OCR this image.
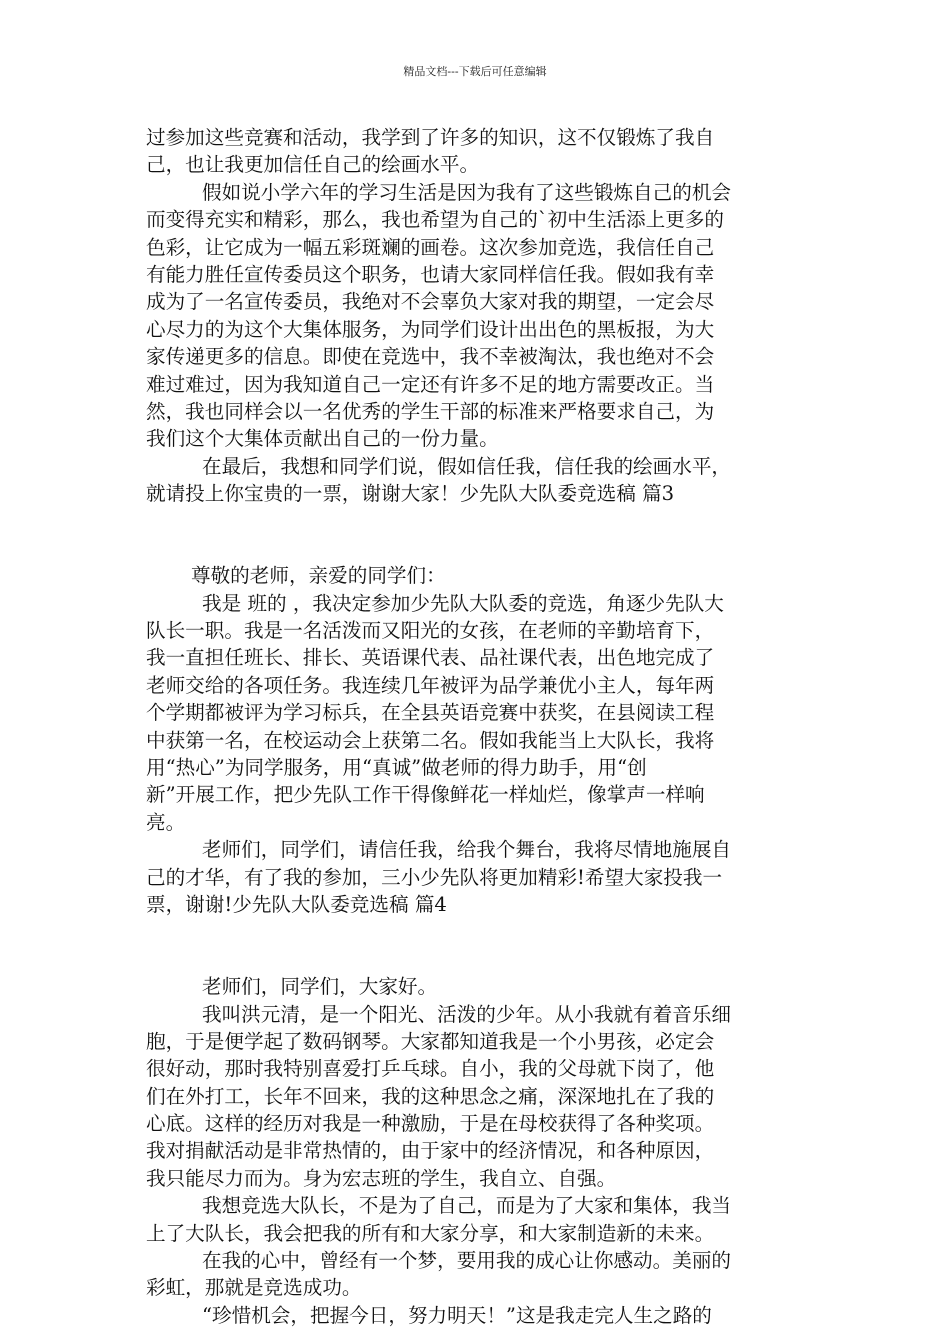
精品文档---下载后可任意编辑
过参加这些竞赛和活动，我学到了许多的知识，这不仅锻炼了我自
己，也让我更加信任自己的绘画水平。
假如说小学六年的学习生活是因为我有了这些锻炼自己的机会
而变得充实和精彩，那么，我也希望为自己的`初中生活添上更多的
色彩，让它成为一幅五彩斑斓的画卷。这次参加竞选，我信任自己
有能力胜任宣传委员这个职务，也请大家同样信任我。假如我有幸
成为了一名宣传委员，我绝对不会辜负大家对我的期望，一定会尽
心尽力的为这个大集体服务，为同学们设计出出色的黑板报，为大
家传递更多的信息。即使在竞选中，我不幸被淘汰，我也绝对不会
难过难过，因为我知道自己一定还有许多不足的地方需要改正。当
然，我也同样会以一名优秀的学生干部的标准来严格要求自己，为
我们这个大集体贡献出自己的一份力量。
在最后，我想和同学们说，假如信任我，信任我的绘画水平，
就请投上你宝贵的一票，谢谢大家！少先队大队委竞选稿 篇3
尊敬的老师，亲爱的同学们：
我是 班的 ，我决定参加少先队大队委的竞选，角逐少先队大
队长一职。我是一名活泼而又阳光的女孩，在老师的辛勤培育下，
我一直担任班长、排长、英语课代表、品社课代表，出色地完成了
老师交给的各项任务。我连续几年被评为品学兼优小主人，每年两
个学期都被评为学习标兵，在全县英语竞赛中获奖，在县阅读工程
中获第一名，在校运动会上获第二名。假如我能当上大队长，我将
用“热心”为同学服务，用“真诚”做老师的得力助手，用“创
新”开展工作，把少先队工作干得像鲜花一样灿烂，像掌声一样响
亮。
老师们，同学们，请信任我，给我个舞台，我将尽情地施展自
己的才华，有了我的参加，三小少先队将更加精彩!希望大家投我一
票，谢谢!少先队大队委竞选稿 篇4
老师们，同学们，大家好。
我叫洪元清，是一个阳光、活泼的少年。从小我就有着音乐细
胞，于是便学起了数码钢琴。大家都知道我是一个小男孩，必定会
很好动，那时我特别喜爱打乒乓球。自小，我的父母就下岗了，他
们在外打工，长年不回来，我的这种思念之痛，深深地扎在了我的
心底。这样的经历对我是一种激励，于是在母校获得了各种奖项。
我对捐献活动是非常热情的，由于家中的经济情况，和各种原因，
我只能尽力而为。身为宏志班的学生，我自立、自强。
我想竞选大队长，不是为了自己，而是为了大家和集体，我当
上了大队长，我会把我的所有和大家分享，和大家制造新的未来。
在我的心中，曾经有一个梦，要用我的成心让你感动。美丽的
彩虹，那就是竞选成功。
“珍惜机会，把握今日，努力明天！”这是我走完人生之路的
